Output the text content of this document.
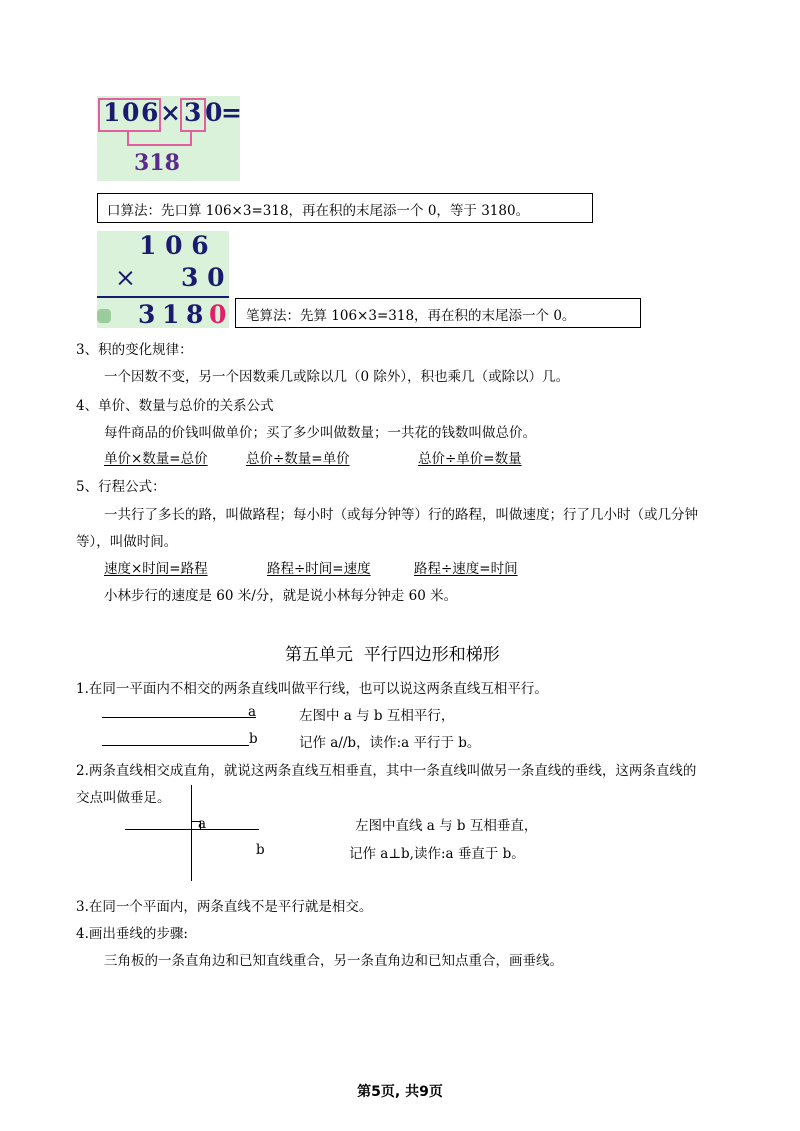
1 0 6 × 3 0
=
318
口算法：先口算 106×3=318，再在积的末尾添一个 0，等于 3180。
1 0 6
× 3 0
3 1 8 0 笔算法：先算 106×3=318，再在积的末尾添一个 0。
3、积的变化规律：
一个因数不变，另一个因数乘几或除以几（0 除外），积也乘几（或除以）几。
4、单价、数量与总价的关系公式
每件商品的价钱叫做单价；买了多少叫做数量；一共花的钱数叫做总价。
单价×数量=总价	总价÷数量=单价	总价÷单价=数量
5、行程公式：
一共行了多长的路，叫做路程；每小时（或每分钟等）行的路程，叫做速度；行了几小时（或几分钟
等），叫做时间。
速度×时间=路程	路程÷时间=速度	路程÷速度=时间
小林步行的速度是 60 米/分，就是说小林每分钟走 60 米。
第五单元  平行四边形和梯形
1.在同一平面内不相交的两条直线叫做平行线，也可以说这两条直线互相平行。
a
b
左图中 a 与 b 互相平行，
记作 a//b，读作:a 平行于 b。
2.两条直线相交成直角，就说这两条直线互相垂直，其中一条直线叫做另一条直线的垂线，这两条直线的
交点叫做垂足。
a
b
左图中直线 a 与 b 互相垂直，
记作 a⊥b,读作:a 垂直于 b。
3.在同一个平面内，两条直线不是平行就是相交。
4.画出垂线的步骤:
三角板的一条直角边和已知直线重合，另一条直角边和已知点重合，画垂线。
第5页, 共9页
